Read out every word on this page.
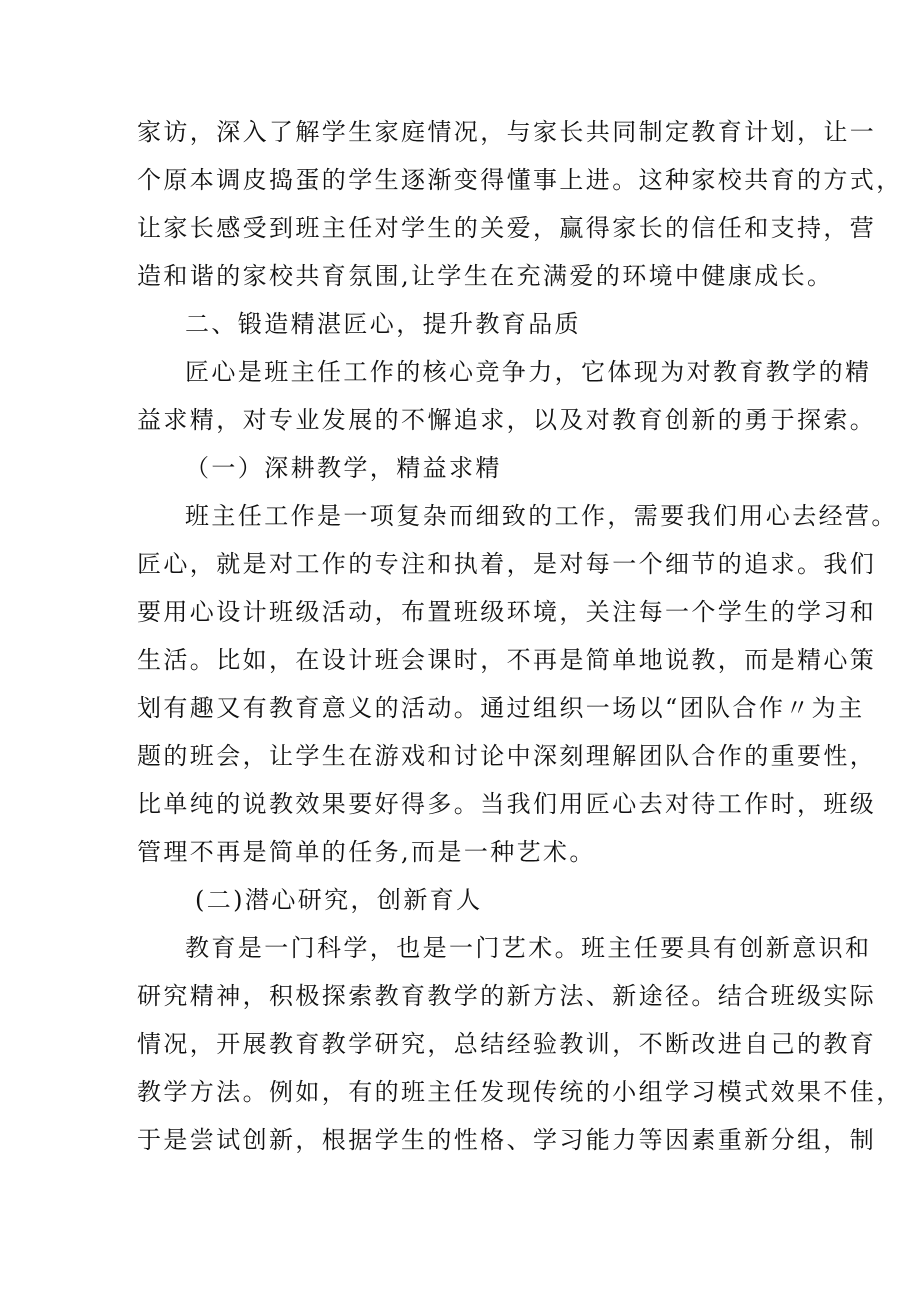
家访，深入了解学生家庭情况，与家长共同制定教育计划，让一
个原本调皮捣蛋的学生逐渐变得懂事上进。这种家校共育的方式，
让家长感受到班主任对学生的关爱，赢得家长的信任和支持，营
造和谐的家校共育氛围,让学生在充满爱的环境中健康成长。
二、锻造精湛匠心，提升教育品质
匠心是班主任工作的核心竞争力，它体现为对教育教学的精
益求精，对专业发展的不懈追求，以及对教育创新的勇于探索。
（一）深耕教学，精益求精
班主任工作是一项复杂而细致的工作，需要我们用心去经营。
匠心，就是对工作的专注和执着，是对每一个细节的追求。我们
要用心设计班级活动，布置班级环境，关注每一个学生的学习和
生活。比如，在设计班会课时，不再是简单地说教，而是精心策
划有趣又有教育意义的活动。通过组织一场以“团队合作〃为主
题的班会，让学生在游戏和讨论中深刻理解团队合作的重要性，
比单纯的说教效果要好得多。当我们用匠心去对待工作时，班级
管理不再是简单的任务,而是一种艺术。
(二)潜心研究，创新育人
教育是一门科学，也是一门艺术。班主任要具有创新意识和
研究精神，积极探索教育教学的新方法、新途径。结合班级实际
情况，开展教育教学研究，总结经验教训，不断改进自己的教育
教学方法。例如，有的班主任发现传统的小组学习模式效果不佳，
于是尝试创新，根据学生的性格、学习能力等因素重新分组，制
